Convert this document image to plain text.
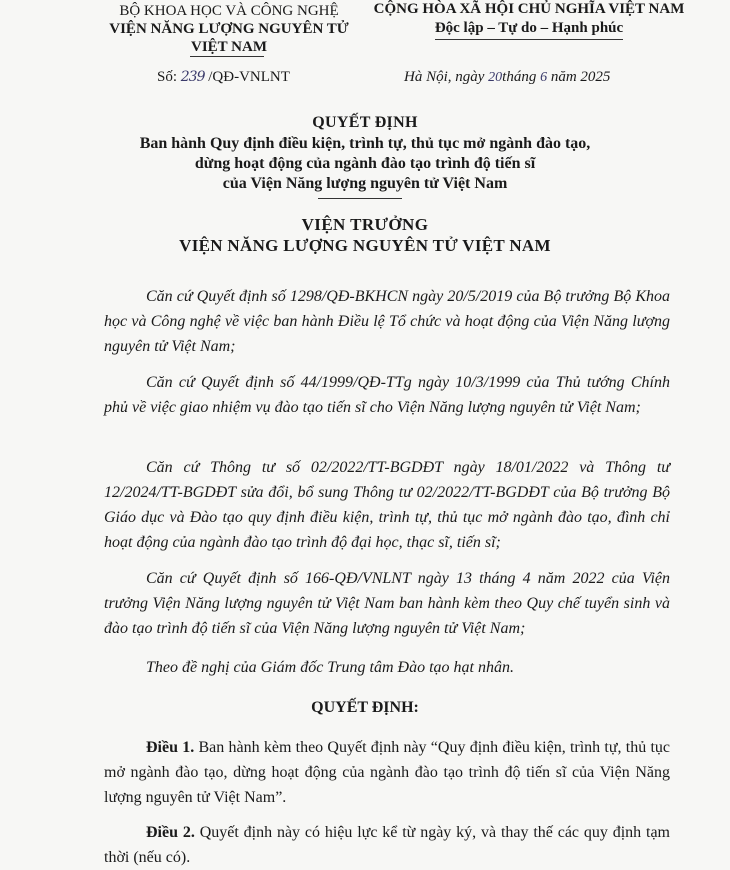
BỘ KHOA HỌC VÀ CÔNG NGHỆ
VIỆN NĂNG LƯỢNG NGUYÊN TỬ
VIỆT NAM
CỘNG HÒA XÃ HỘI CHỦ NGHĨA VIỆT NAM
Độc lập – Tự do – Hạnh phúc
Số: 239 /QĐ-VNLNT	Hà Nội, ngày 20tháng 6 năm 2025
QUYẾT ĐỊNH
Ban hành Quy định điều kiện, trình tự, thủ tục mở ngành đào tạo,
dừng hoạt động của ngành đào tạo trình độ tiến sĩ
của Viện Năng lượng nguyên tử Việt Nam
VIỆN TRƯỞNG
VIỆN NĂNG LƯỢNG NGUYÊN TỬ VIỆT NAM
Căn cứ Quyết định số 1298/QĐ-BKHCN ngày 20/5/2019 của Bộ trưởng Bộ Khoa học và Công nghệ về việc ban hành Điều lệ Tổ chức và hoạt động của Viện Năng lượng nguyên tử Việt Nam;
Căn cứ Quyết định số 44/1999/QĐ-TTg ngày 10/3/1999 của Thủ tướng Chính phủ về việc giao nhiệm vụ đào tạo tiến sĩ cho Viện Năng lượng nguyên tử Việt Nam;
Căn cứ Thông tư số 02/2022/TT-BGDĐT ngày 18/01/2022 và Thông tư 12/2024/TT-BGDĐT sửa đổi, bổ sung Thông tư 02/2022/TT-BGDĐT của Bộ trưởng Bộ Giáo dục và Đào tạo quy định điều kiện, trình tự, thủ tục mở ngành đào tạo, đình chỉ hoạt động của ngành đào tạo trình độ đại học, thạc sĩ, tiến sĩ;
Căn cứ Quyết định số 166-QĐ/VNLNT ngày 13 tháng 4 năm 2022 của Viện trưởng Viện Năng lượng nguyên tử Việt Nam ban hành kèm theo Quy chế tuyển sinh và đào tạo trình độ tiến sĩ của Viện Năng lượng nguyên tử Việt Nam;
Theo đề nghị của Giám đốc Trung tâm Đào tạo hạt nhân.
QUYẾT ĐỊNH:
Điều 1. Ban hành kèm theo Quyết định này “Quy định điều kiện, trình tự, thủ tục mở ngành đào tạo, dừng hoạt động của ngành đào tạo trình độ tiến sĩ của Viện Năng lượng nguyên tử Việt Nam”.
Điều 2. Quyết định này có hiệu lực kể từ ngày ký, và thay thế các quy định tạm thời (nếu có).
